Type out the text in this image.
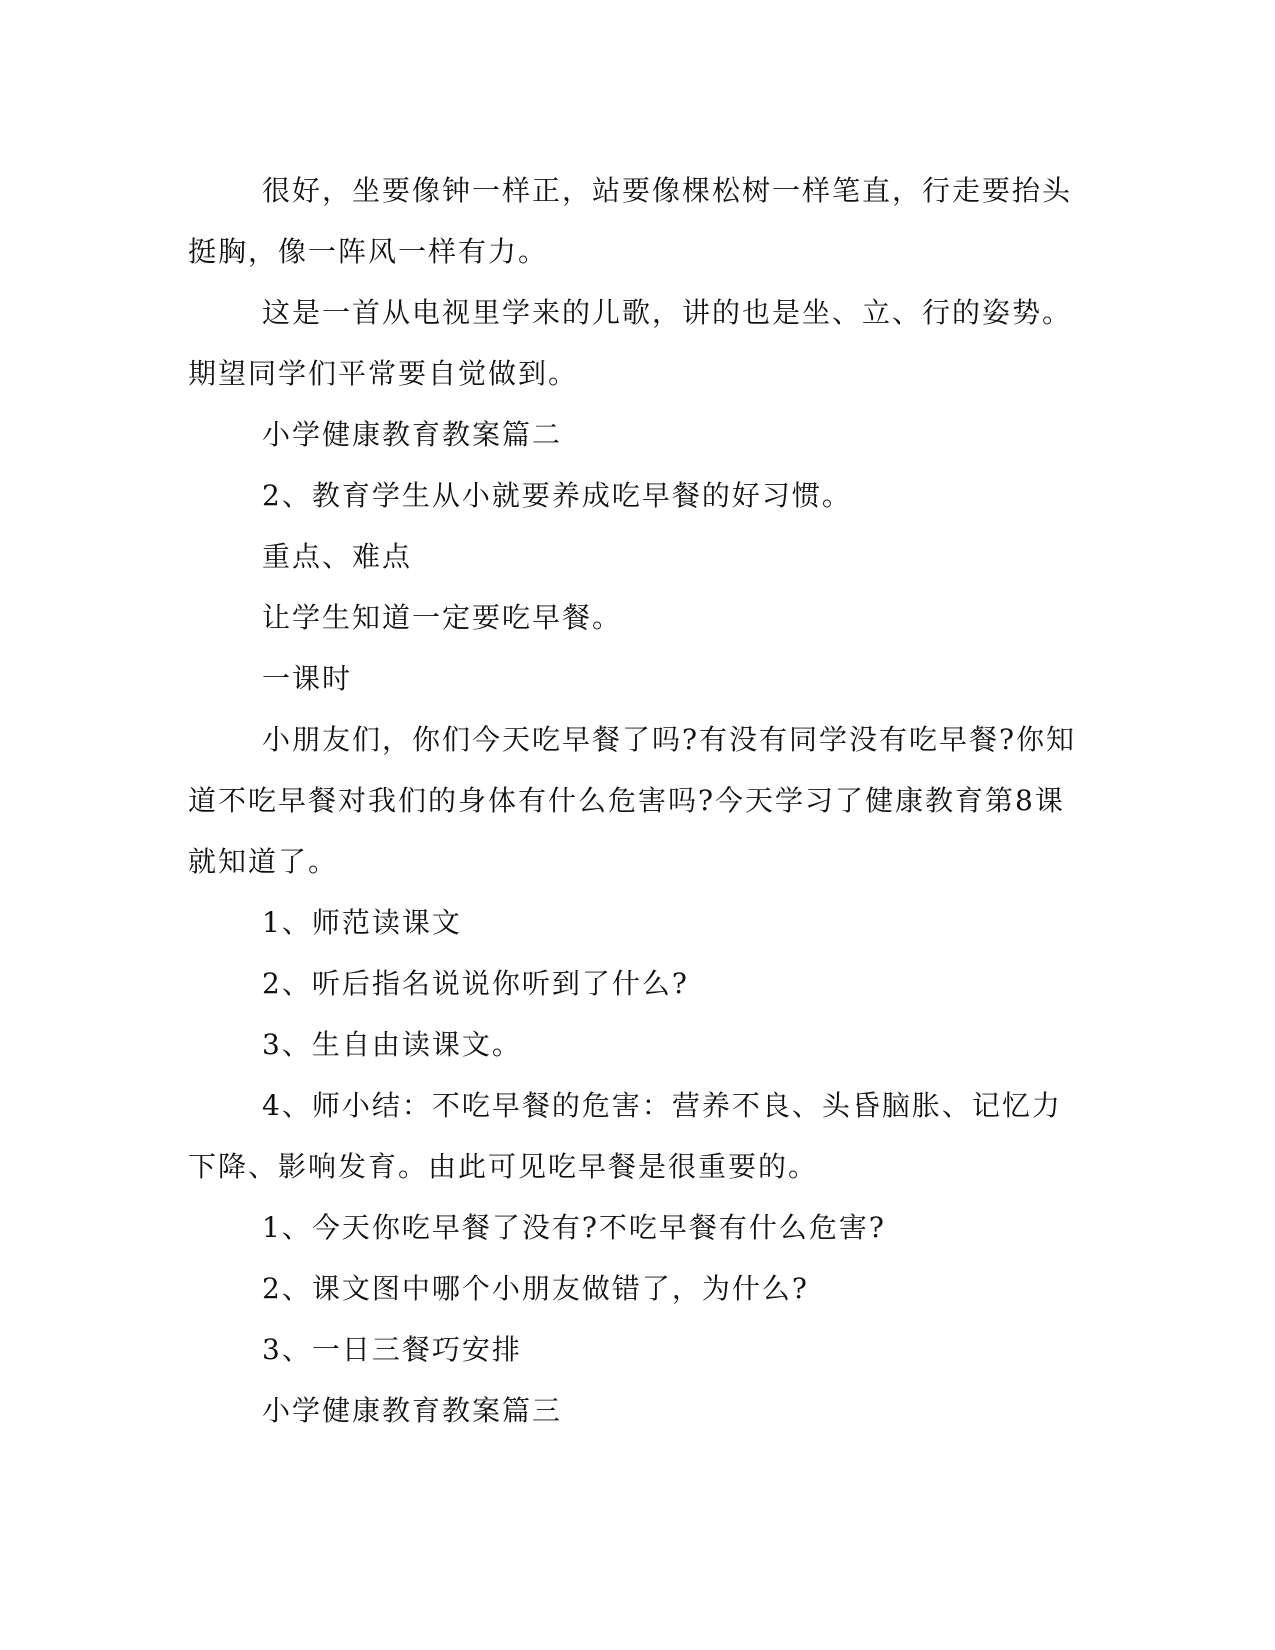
很好，坐要像钟一样正，站要像棵松树一样笔直，行走要抬头挺胸，像一阵风一样有力。

这是一首从电视里学来的儿歌，讲的也是坐、立、行的姿势。期望同学们平常要自觉做到。

小学健康教育教案篇二

2、教育学生从小就要养成吃早餐的好习惯。

重点、难点

让学生知道一定要吃早餐。

一课时

小朋友们，你们今天吃早餐了吗?有没有同学没有吃早餐?你知道不吃早餐对我们的身体有什么危害吗?今天学习了健康教育第8课就知道了。

1、师范读课文

2、听后指名说说你听到了什么?

3、生自由读课文。

4、师小结：不吃早餐的危害：营养不良、头昏脑胀、记忆力下降、影响发育。由此可见吃早餐是很重要的。

1、今天你吃早餐了没有?不吃早餐有什么危害?

2、课文图中哪个小朋友做错了，为什么?

3、一日三餐巧安排

小学健康教育教案篇三
